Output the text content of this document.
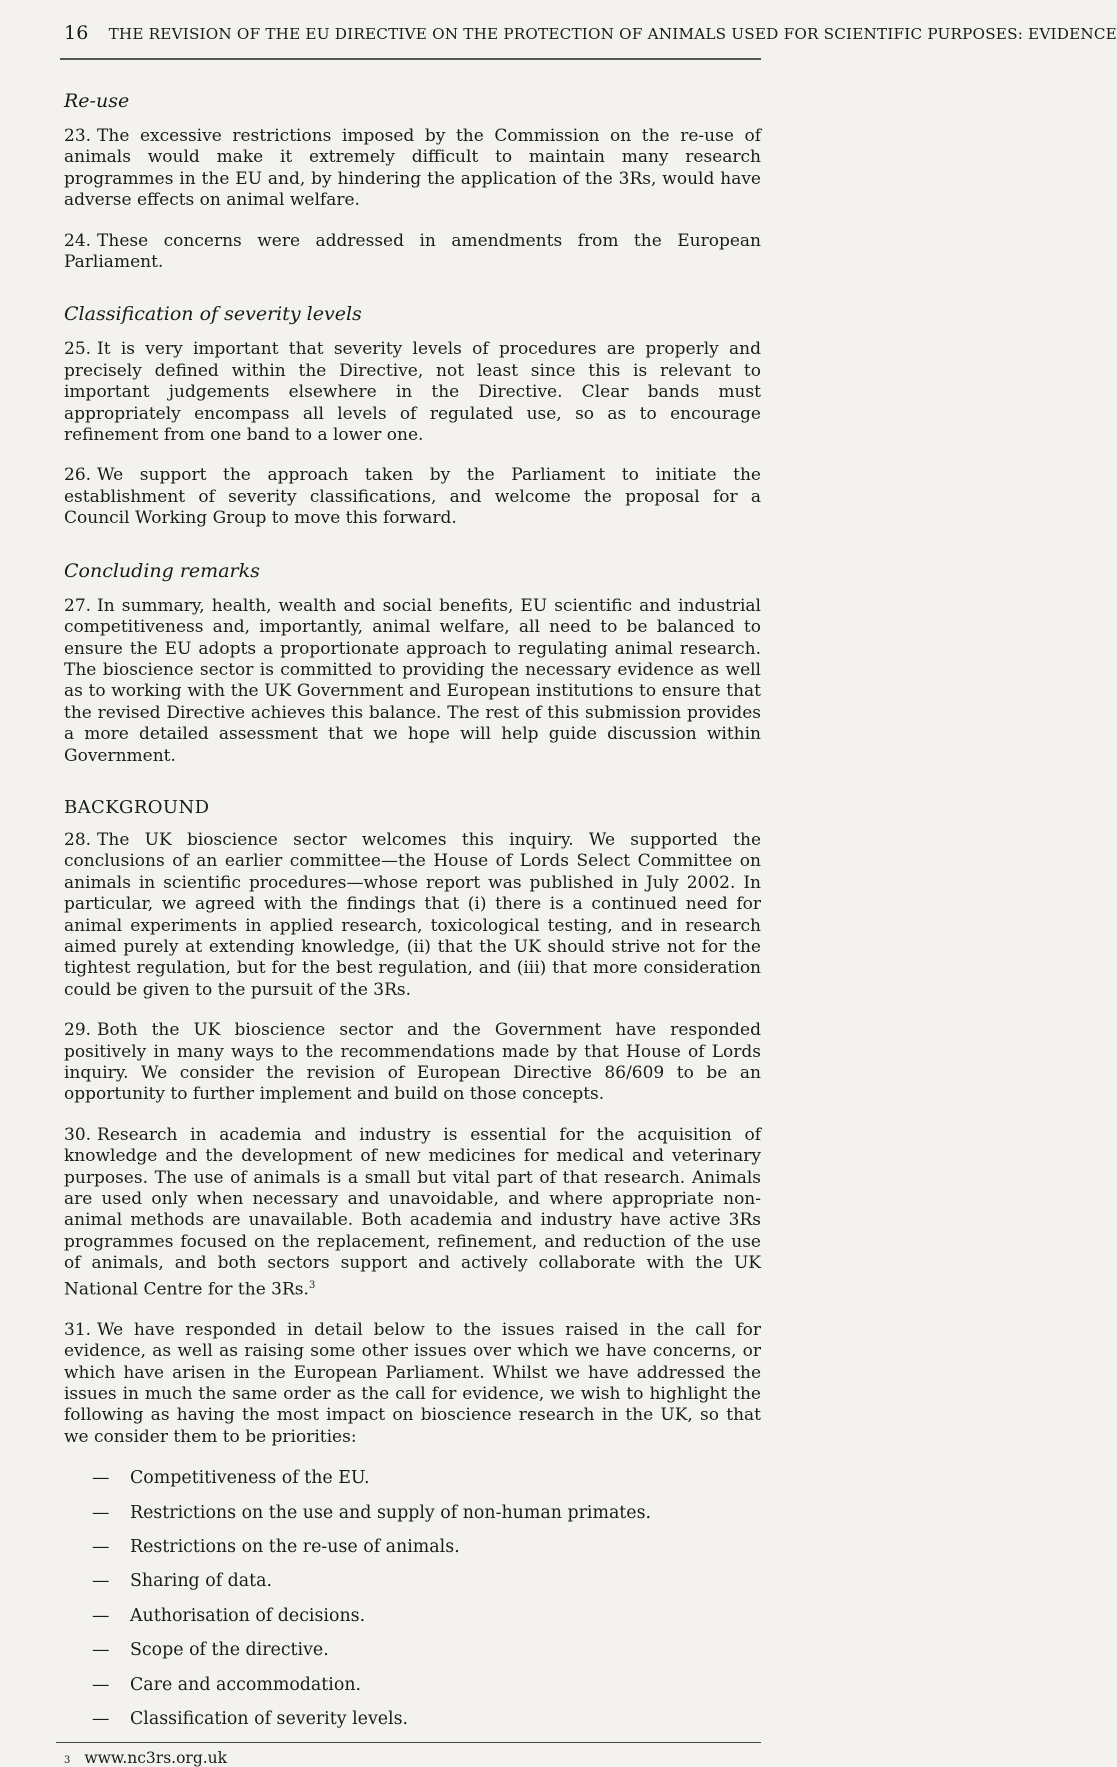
16 THE REVISION OF THE EU DIRECTIVE ON THE PROTECTION OF ANIMALS USED FOR SCIENTIFIC PURPOSES: EVIDENCE
Re-use

23. The excessive restrictions imposed by the Commission on the re-use of animals would make it extremely difficult to maintain many research programmes in the EU and, by hindering the application of the 3Rs, would have adverse effects on animal welfare.

24. These concerns were addressed in amendments from the European Parliament.

Classification of severity levels

25. It is very important that severity levels of procedures are properly and precisely defined within the Directive, not least since this is relevant to important judgements elsewhere in the Directive. Clear bands must appropriately encompass all levels of regulated use, so as to encourage refinement from one band to a lower one.

26. We support the approach taken by the Parliament to initiate the establishment of severity classifications, and welcome the proposal for a Council Working Group to move this forward.

Concluding remarks

27. In summary, health, wealth and social benefits, EU scientific and industrial competitiveness and, importantly, animal welfare, all need to be balanced to ensure the EU adopts a proportionate approach to regulating animal research. The bioscience sector is committed to providing the necessary evidence as well as to working with the UK Government and European institutions to ensure that the revised Directive achieves this balance. The rest of this submission provides a more detailed assessment that we hope will help guide discussion within Government.

BACKGROUND

28. The UK bioscience sector welcomes this inquiry. We supported the conclusions of an earlier committee—the House of Lords Select Committee on animals in scientific procedures—whose report was published in July 2002. In particular, we agreed with the findings that (i) there is a continued need for animal experiments in applied research, toxicological testing, and in research aimed purely at extending knowledge, (ii) that the UK should strive not for the tightest regulation, but for the best regulation, and (iii) that more consideration could be given to the pursuit of the 3Rs.

29. Both the UK bioscience sector and the Government have responded positively in many ways to the recommendations made by that House of Lords inquiry. We consider the revision of European Directive 86/609 to be an opportunity to further implement and build on those concepts.

30. Research in academia and industry is essential for the acquisition of knowledge and the development of new medicines for medical and veterinary purposes. The use of animals is a small but vital part of that research. Animals are used only when necessary and unavoidable, and where appropriate non-animal methods are unavailable. Both academia and industry have active 3Rs programmes focused on the replacement, refinement, and reduction of the use of animals, and both sectors support and actively collaborate with the UK National Centre for the 3Rs.$^3$

31. We have responded in detail below to the issues raised in the call for evidence, as well as raising some other issues over which we have concerns, or which have arisen in the European Parliament. Whilst we have addressed the issues in much the same order as the call for evidence, we wish to highlight the following as having the most impact on bioscience research in the UK, so that we consider them to be priorities:

—	Competitiveness of the EU.
—	Restrictions on the use and supply of non-human primates.
—	Restrictions on the re-use of animals.
—	Sharing of data.
—	Authorisation of decisions.
—	Scope of the directive.
—	Care and accommodation.
—	Classification of severity levels.
3 www.nc3rs.org.uk
